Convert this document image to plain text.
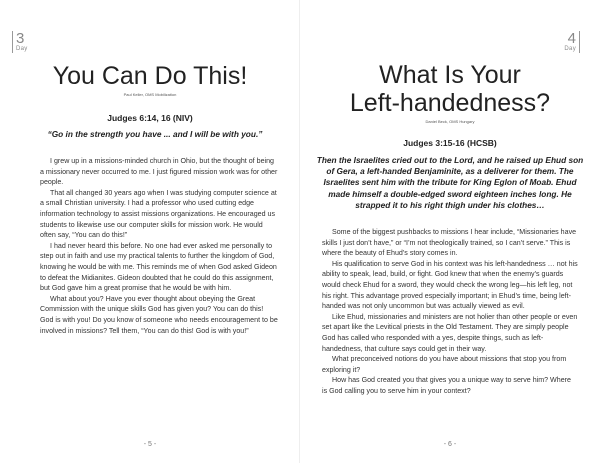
3
Day
You Can Do This!
Paul Keller, OMS Mobilization
Judges 6:14, 16 (NIV)
“Go in the strength you have ... and I will be with you.”

I grew up in a missions-minded church in Ohio, but the thought of being a missionary never occurred to me. I just figured mission work was for other people.

That all changed 30 years ago when I was studying computer science at a small Christian university. I had a professor who used cutting edge information technology to assist missions organizations. He encouraged us students to likewise use our computer skills for mission work. He would often say, “You can do this!”

I had never heard this before. No one had ever asked me personally to step out in faith and use my practical talents to further the kingdom of God, knowing he would be with me. This reminds me of when God asked Gideon to defeat the Midianites. Gideon doubted that he could do this assignment, but God gave him a great promise that he would be with him.

What about you? Have you ever thought about obeying the Great Commission with the unique skills God has given you? You can do this! God is with you! Do you know of someone who needs encouragement to be involved in missions? Tell them, “You can do this! God is with you!”

- 5 -
4
Day
What Is Your
Left-handedness?
Daniel Beck, OMS Hungary
Judges 3:15-16 (HCSB)
Then the Israelites cried out to the Lord, and he raised up Ehud son of Gera, a left-handed Benjaminite, as a deliverer for them. The Israelites sent him with the tribute for King Eglon of Moab. Ehud made himself a double-edged sword eighteen inches long. He strapped it to his right thigh under his clothes…

Some of the biggest pushbacks to missions I hear include, “Missionaries have skills I just don’t have,” or “I’m not theologically trained, so I can’t serve.” This is where the beauty of Ehud’s story comes in.

His qualification to serve God in his context was his left-handedness … not his ability to speak, lead, build, or fight. God knew that when the enemy’s guards would check Ehud for a sword, they would check the wrong leg—his left leg, not his right. This advantage proved especially important; in Ehud’s time, being left-handed was not only uncommon but was actually viewed as evil.

Like Ehud, missionaries and ministers are not holier than other people or even set apart like the Levitical priests in the Old Testament. They are simply people God has called who responded with a yes, despite things, such as left-handedness, that culture says could get in their way.

What preconceived notions do you have about missions that stop you from exploring it?

How has God created you that gives you a unique way to serve him? Where is God calling you to serve him in your context?

- 6 -
